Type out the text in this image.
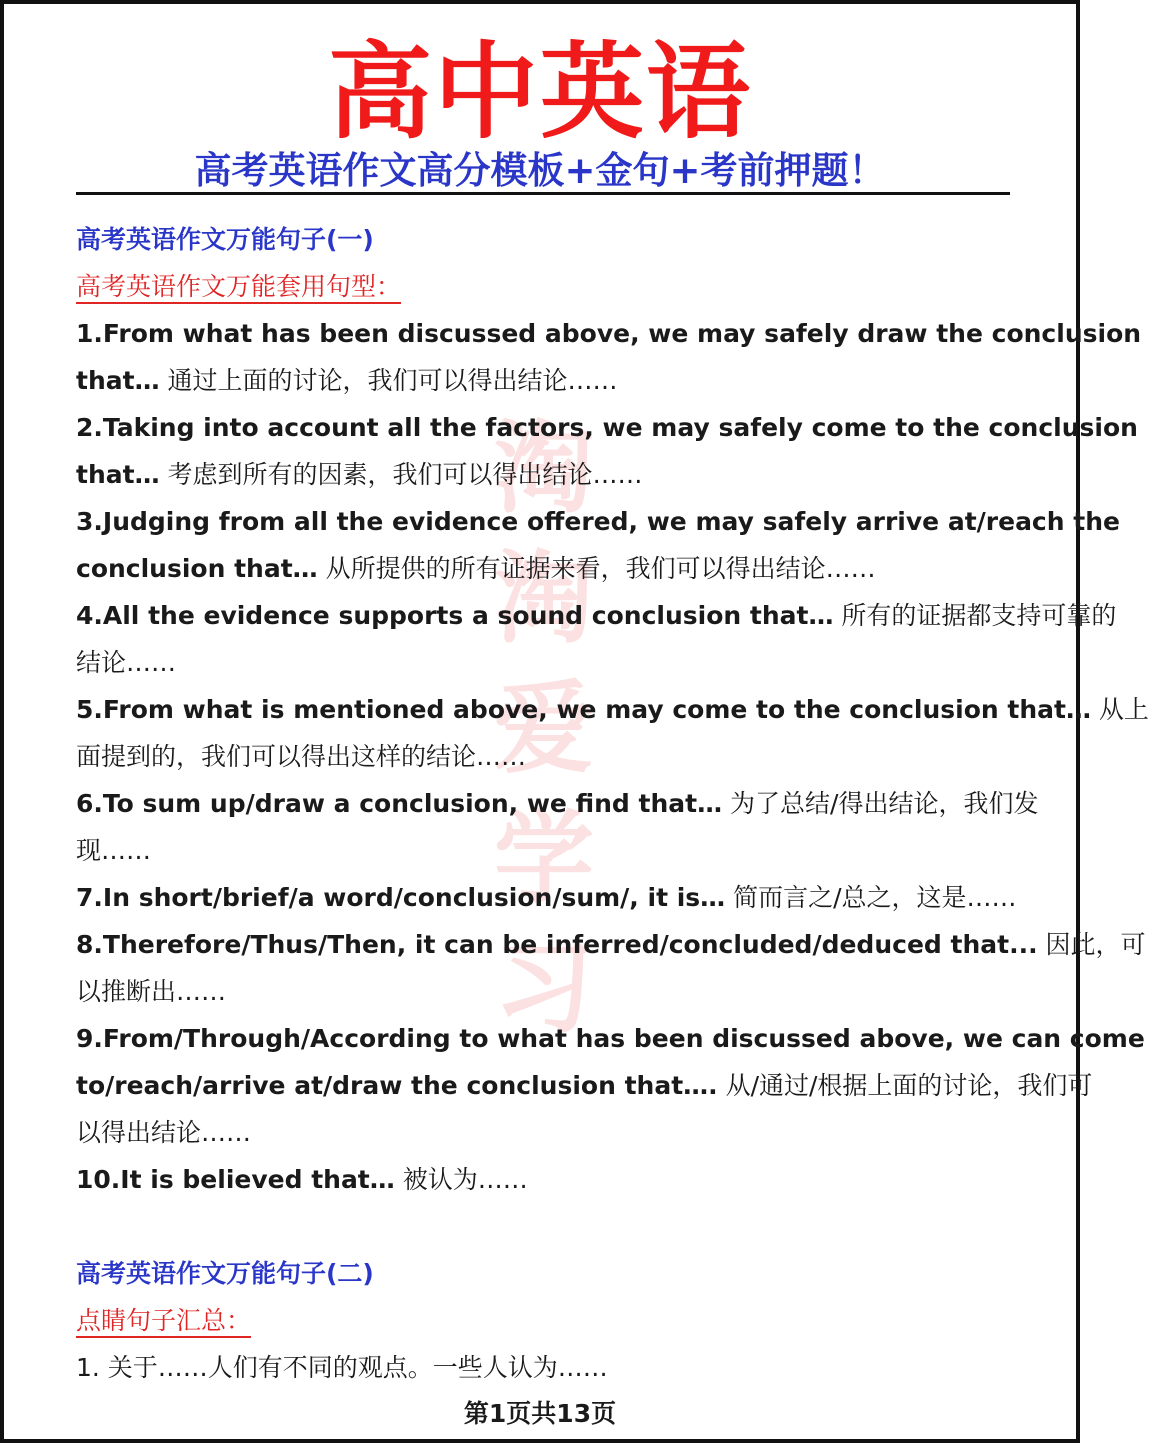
高中英语
高考英语作文高分模板+金句+考前押题！
淘
淘
爱
学
习
高考英语作文万能句子(一)
高考英语作文万能套用句型：
1.From what has been discussed above, we may safely draw the conclusion
that… 通过上面的讨论，我们可以得出结论……
2.Taking into account all the factors, we may safely come to the conclusion
that… 考虑到所有的因素，我们可以得出结论……
3.Judging from all the evidence offered, we may safely arrive at/reach the
conclusion that… 从所提供的所有证据来看，我们可以得出结论……
4.All the evidence supports a sound conclusion that… 所有的证据都支持可靠的
结论……
5.From what is mentioned above, we may come to the conclusion that… 从上
面提到的，我们可以得出这样的结论……
6.To sum up/draw a conclusion, we find that… 为了总结/得出结论，我们发
现……
7.In short/brief/a word/conclusion/sum/, it is… 简而言之/总之，这是……
8.Therefore/Thus/Then, it can be inferred/concluded/deduced that... 因此，可
以推断出……
9.From/Through/According to what has been discussed above, we can come
to/reach/arrive at/draw the conclusion that…. 从/通过/根据上面的讨论，我们可
以得出结论……
10.It is believed that… 被认为……
高考英语作文万能句子(二)
点睛句子汇总：
1. 关于……人们有不同的观点。一些人认为……
第1页共13页
